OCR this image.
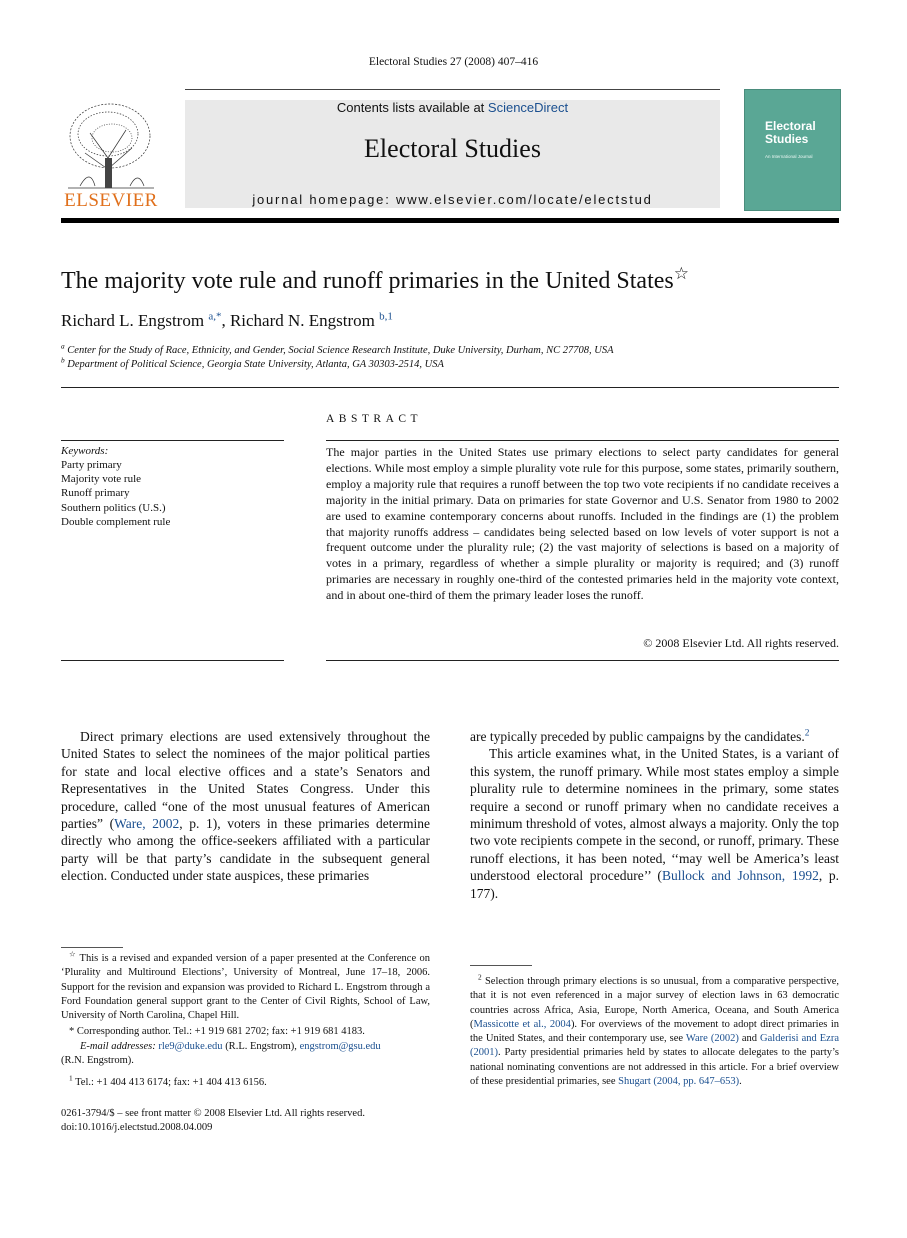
Electoral Studies 27 (2008) 407–416
ELSEVIER
Contents lists available at ScienceDirect
Electoral Studies
journal homepage: www.elsevier.com/locate/electstud
Electoral
Studies
An International Journal
The majority vote rule and runoff primaries in the United States☆
Richard L. Engstrom $^{a,*}$, Richard N. Engstrom $^{b,1}$
$^a$ Center for the Study of Race, Ethnicity, and Gender, Social Science Research Institute, Duke University, Durham, NC 27708, USA
$^b$ Department of Political Science, Georgia State University, Atlanta, GA 30303-2514, USA
ABSTRACT
Keywords:
Party primary
Majority vote rule
Runoff primary
Southern politics (U.S.)
Double complement rule
The major parties in the United States use primary elections to select party candidates for general elections. While most employ a simple plurality vote rule for this purpose, some states, primarily southern, employ a majority rule that requires a runoff between the top two vote recipients if no candidate receives a majority in the initial primary. Data on primaries for state Governor and U.S. Senator from 1980 to 2002 are used to examine contemporary concerns about runoffs. Included in the findings are (1) the problem that majority runoffs address – candidates being selected based on low levels of voter support is not a frequent outcome under the plurality rule; (2) the vast majority of selections is based on a majority of votes in a primary, regardless of whether a simple plurality or majority is required; and (3) runoff primaries are necessary in roughly one-third of the contested primaries held in the majority vote context, and in about one-third of them the primary leader loses the runoff.
© 2008 Elsevier Ltd. All rights reserved.

Direct primary elections are used extensively throughout the United States to select the nominees of the major political parties for state and local elective offices and a state’s Senators and Representatives in the United States Congress. Under this procedure, called “one of the most unusual features of American parties” (Ware, 2002, p. 1), voters in these primaries determine directly who among the office-seekers affiliated with a particular party will be that party’s candidate in the subsequent general election. Conducted under state auspices, these primaries

are typically preceded by public campaigns by the candidates.$^2$

This article examines what, in the United States, is a variant of this system, the runoff primary. While most states employ a simple plurality rule to determine nominees in the primary, some states require a second or runoff primary when no candidate receives a minimum threshold of votes, almost always a majority. Only the top two vote recipients compete in the second, or runoff, primary. These runoff elections, it has been noted, ‘‘may well be America’s least understood electoral procedure’’ (Bullock and Johnson, 1992, p. 177).

☆ This is a revised and expanded version of a paper presented at the Conference on ‘Plurality and Multiround Elections’, University of Montreal, June 17–18, 2006. Support for the revision and expansion was provided to Richard L. Engstrom through a Ford Foundation general support grant to the Center of Civil Rights, School of Law, University of North Carolina, Chapel Hill.

* Corresponding author. Tel.: +1 919 681 2702; fax: +1 919 681 4183.

E-mail addresses: rle9@duke.edu (R.L. Engstrom), engstrom@gsu.edu

(R.N. Engstrom).

$^1$ Tel.: +1 404 413 6174; fax: +1 404 413 6156.

0261-3794/$ – see front matter © 2008 Elsevier Ltd. All rights reserved.

doi:10.1016/j.electstud.2008.04.009

$^2$ Selection through primary elections is so unusual, from a comparative perspective, that it is not even referenced in a major survey of election laws in 63 democratic countries across Africa, Asia, Europe, North America, Oceana, and South America (Massicotte et al., 2004). For overviews of the movement to adopt direct primaries in the United States, and their contemporary use, see Ware (2002) and Galderisi and Ezra (2001). Party presidential primaries held by states to allocate delegates to the party’s national nominating conventions are not addressed in this article. For a brief overview of these presidential primaries, see Shugart (2004, pp. 647–653).
